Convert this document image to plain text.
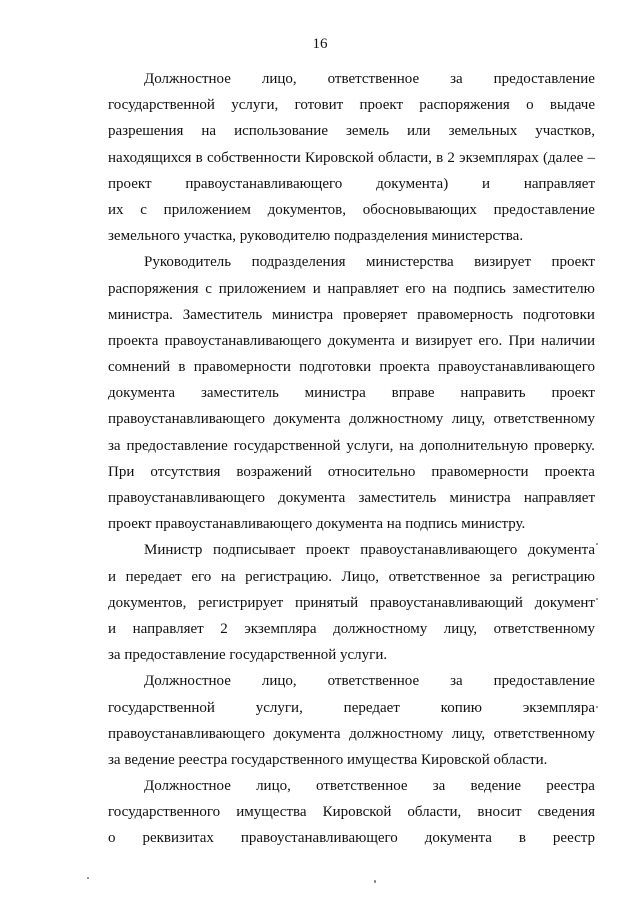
16
Должностное лицо, ответственное за предоставление
государственной услуги, готовит проект распоряжения о выдаче
разрешения на использование земель или земельных участков,
находящихся в собственности Кировской области, в 2 экземплярах (далее –
проект правоустанавливающего документа) и направляет
их с приложением документов, обосновывающих предоставление
земельного участка, руководителю подразделения министерства.
Руководитель подразделения министерства визирует проект
распоряжения с приложением и направляет его на подпись заместителю
министра. Заместитель министра проверяет правомерность подготовки
проекта правоустанавливающего документа и визирует его. При наличии
сомнений в правомерности подготовки проекта правоустанавливающего
документа заместитель министра вправе направить проект
правоустанавливающего документа должностному лицу, ответственному
за предоставление государственной услуги, на дополнительную проверку.
При отсутствия возражений относительно правомерности проекта
правоустанавливающего документа заместитель министра направляет
проект правоустанавливающего документа на подпись министру.
Министр подписывает проект правоустанавливающего документа
и передает его на регистрацию. Лицо, ответственное за регистрацию
документов, регистрирует принятый правоустанавливающий документ
и направляет 2 экземпляра должностному лицу, ответственному
за предоставление государственной услуги.
Должностное лицо, ответственное за предоставление
государственной	услуги,	передает	копию	экземпляра
правоустанавливающего документа должностному лицу, ответственному
за ведение реестра государственного имущества Кировской области.
Должностное лицо, ответственное за ведение реестра
государственного имущества Кировской области, вносит сведения
о реквизитах правоустанавливающего документа в реестр
